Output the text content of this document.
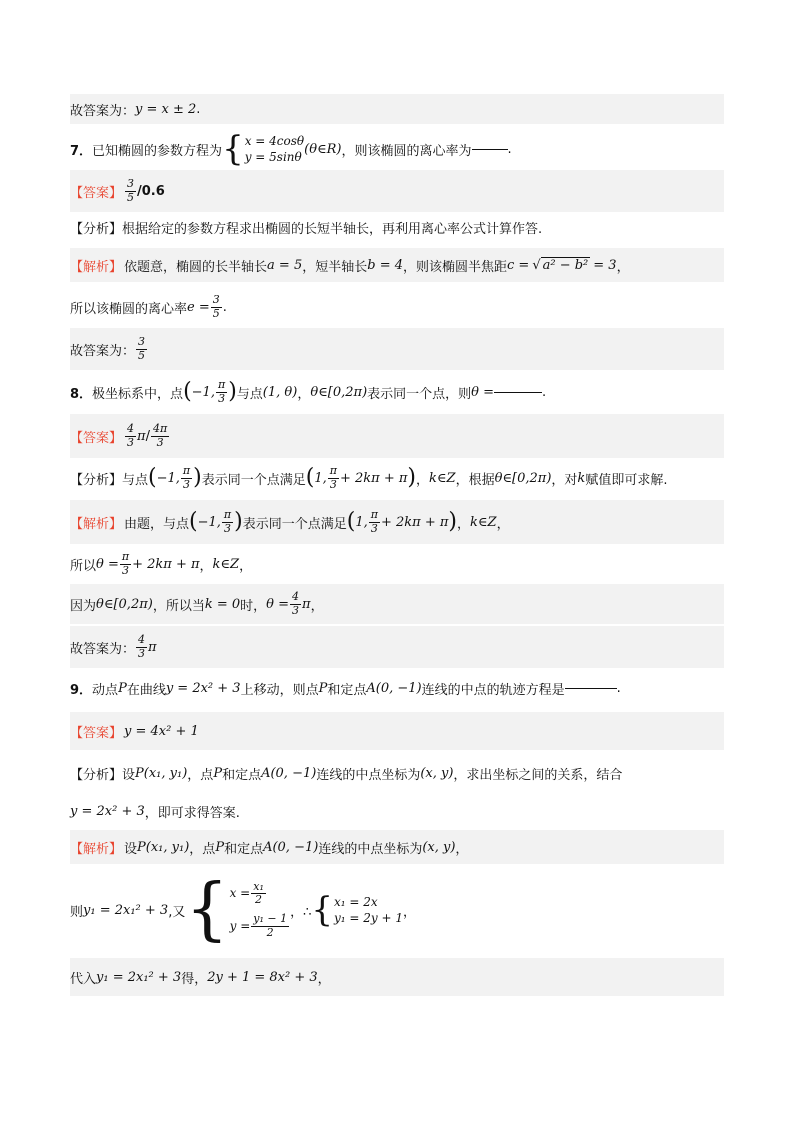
故答案为： y = x ± 2 .
7． 已知椭圆的参数方程为 { x = 4cosθ
y = 5sinθ
(θ∈R) ，则该椭圆的离心率为	.
【答案】 $\frac{3}{5} /0.6$
【分析】 根据给定的参数方程求出椭圆的长短半轴长，再利用离心率公式计算作答.
【解析】 依题意，椭圆的长半轴长 a = 5 ，短半轴长 b = 4 ，则该椭圆半焦距 c = √ a² − b² = 3 ，
所以该椭圆的离心率 $e = \frac{3}{5}$ .
故答案为： $\frac{3}{5}$
8． 极坐标系中，点 ( −1, $\frac{\pi}{3}$ ) 与点 (1, θ) ， θ∈[0,2π) 表示同一个点，则 θ =	.
【答案】 $\frac{4}{3}$ π / $\frac{4\pi}{3}$
【分析】 与点 ( −1, $\frac{\pi}{3}$ ) 表示同一个点满足 ( 1, $\frac{\pi}{3} + 2k\pi + \pi$ ) ， k∈Z ，根据 θ∈[0,2π) ，对 k 赋值即可求解.
【解析】 由题，与点 ( −1, $\frac{\pi}{3}$ ) 表示同一个点满足 ( 1, $\frac{\pi}{3} + 2k\pi + \pi$ ) ， k∈Z ，
所以 $\theta = \frac{\pi}{3} + 2k\pi + \pi$ ， k∈Z ，
因为 θ∈[0,2π) ，所以当 k = 0 时， $\theta = \frac{4}{3}$ π ，
故答案为： $\frac{4}{3}$ π
9． 动点 P 在曲线 y = 2x² + 3 上移动，则点 P 和定点 A(0, −1) 连线的中点的轨迹方程是	.
【答案】 y = 4x² + 1
【分析】 设 P(x₁, y₁) ，点 P 和定点 A(0, −1) 连线的中点坐标为 (x, y) ，求出坐标之间的关系，结合
y = 2x² + 3 ，即可求得答案.
【解析】 设 P(x₁, y₁) ，点 P 和定点 A(0, −1) 连线的中点坐标为 (x, y) ，
则 y₁ = 2x₁² + 3 ,又 { $x = \frac{\text{x₁}}{2}$
$y = \frac{\text{y₁ − 1}}{2}$
，∴ { x₁ = 2x
y₁ = 2y + 1 ，
代入 y₁ = 2x₁² + 3 得， 2y + 1 = 8x² + 3 ，
